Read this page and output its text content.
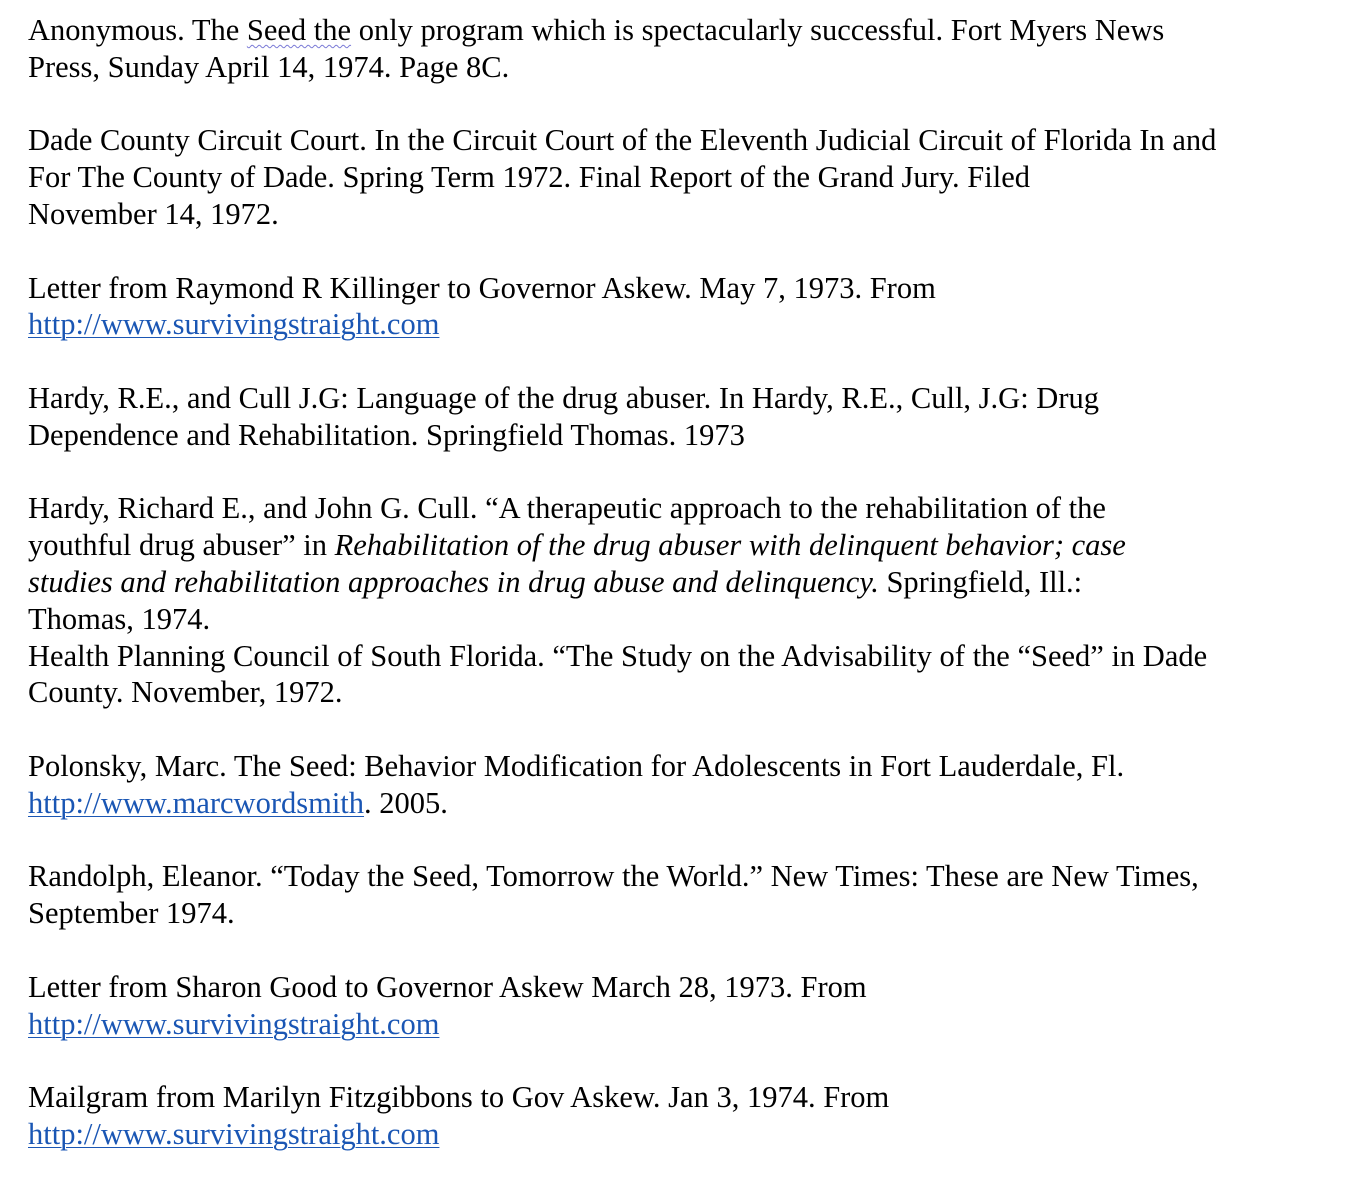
Anonymous. The Seed the only program which is spectacularly successful. Fort Myers News
Press, Sunday April 14, 1974. Page 8C.

Dade County Circuit Court. In the Circuit Court of the Eleventh Judicial Circuit of Florida In and
For The County of Dade. Spring Term 1972. Final Report of the Grand Jury. Filed
November 14, 1972.

Letter from Raymond R Killinger to Governor Askew. May 7, 1973. From
http://www.survivingstraight.com

Hardy, R.E., and Cull J.G: Language of the drug abuser. In Hardy, R.E., Cull, J.G: Drug
Dependence and Rehabilitation. Springfield Thomas. 1973

Hardy, Richard E., and John G. Cull. “A therapeutic approach to the rehabilitation of the
youthful drug abuser” in Rehabilitation of the drug abuser with delinquent behavior; case
studies and rehabilitation approaches in drug abuse and delinquency. Springfield, Ill.:
Thomas, 1974.

Health Planning Council of South Florida. “The Study on the Advisability of the “Seed” in Dade
County. November, 1972.

Polonsky, Marc. The Seed: Behavior Modification for Adolescents in Fort Lauderdale, Fl.
http://www.marcwordsmith. 2005.

Randolph, Eleanor. “Today the Seed, Tomorrow the World.” New Times: These are New Times,
September 1974.

Letter from Sharon Good to Governor Askew March 28, 1973. From
http://www.survivingstraight.com

Mailgram from Marilyn Fitzgibbons to Gov Askew. Jan 3, 1974. From
http://www.survivingstraight.com
